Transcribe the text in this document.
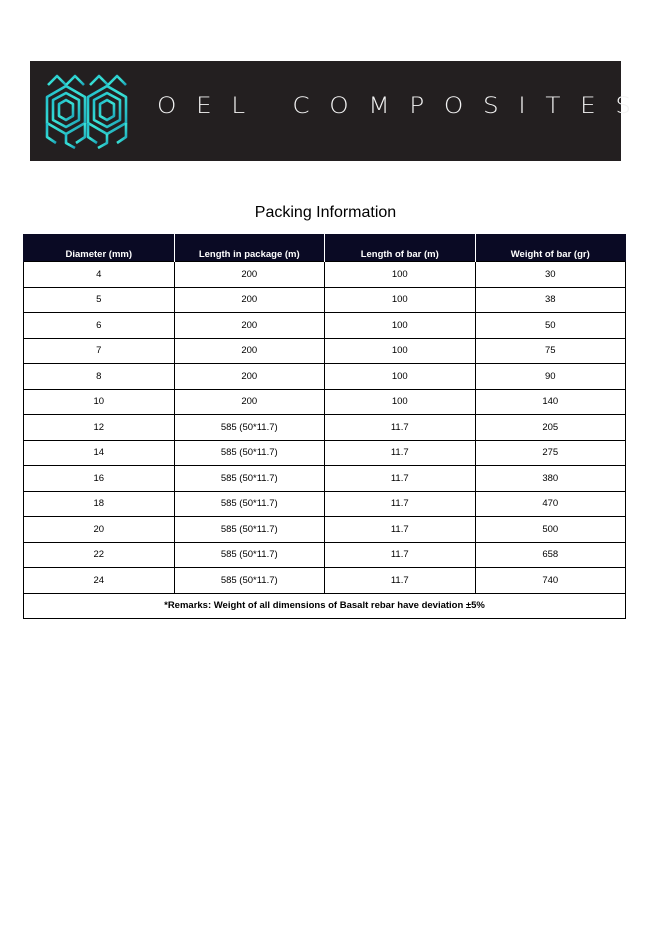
OEL COMPOSITES
Packing Information
Diameter (mm)	Length in package (m)	Length of bar (m)	Weight of bar (gr)
4	200	100	30
5	200	100	38
6	200	100	50
7	200	100	75
8	200	100	90
10	200	100	140
12	585 (50*11.7)	11.7	205
14	585 (50*11.7)	11.7	275
16	585 (50*11.7)	11.7	380
18	585 (50*11.7)	11.7	470
20	585 (50*11.7)	11.7	500
22	585 (50*11.7)	11.7	658
24	585 (50*11.7)	11.7	740
*Remarks: Weight of all dimensions of Basalt rebar have deviation ±5%			
